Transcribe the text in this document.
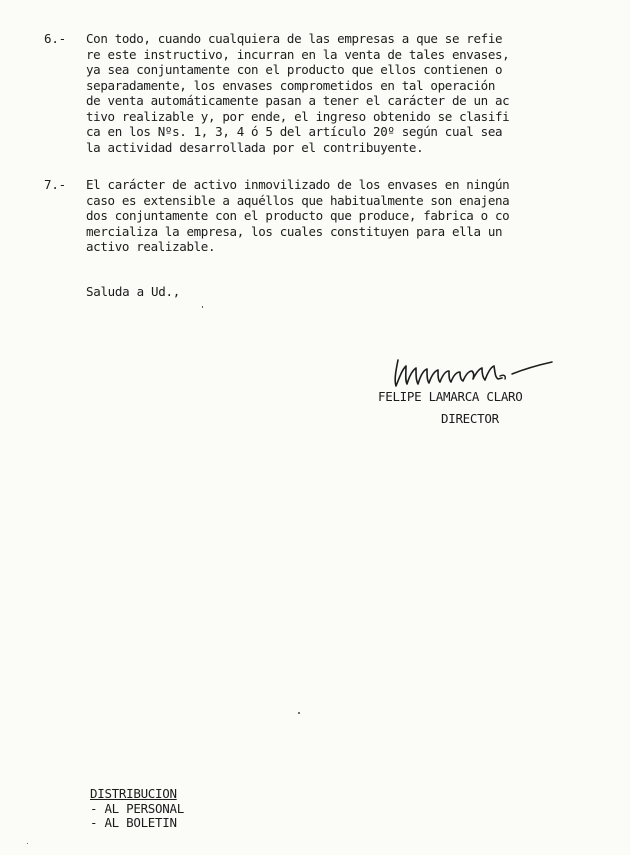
6.- Con todo, cuando cualquiera de las empresas a que se refie
re este instructivo, incurran en la venta de tales envases,
ya sea conjuntamente con el producto que ellos contienen o
separadamente, los envases comprometidos en tal operación
de venta automáticamente pasan a tener el carácter de un ac
tivo realizable y, por ende, el ingreso obtenido se clasifi
ca en los Nºs. 1, 3, 4 ó 5 del artículo 20º según cual sea
la actividad desarrollada por el contribuyente.
7.- El carácter de activo inmovilizado de los envases en ningún
caso es extensible a aquéllos que habitualmente son enajena
dos conjuntamente con el producto que produce, fabrica o co
mercializa la empresa, los cuales constituyen para ella un
activo realizable.
Saluda a Ud.,
FELIPE LAMARCA CLARO
DIRECTOR
DISTRIBUCION
- AL PERSONAL
- AL BOLETIN
